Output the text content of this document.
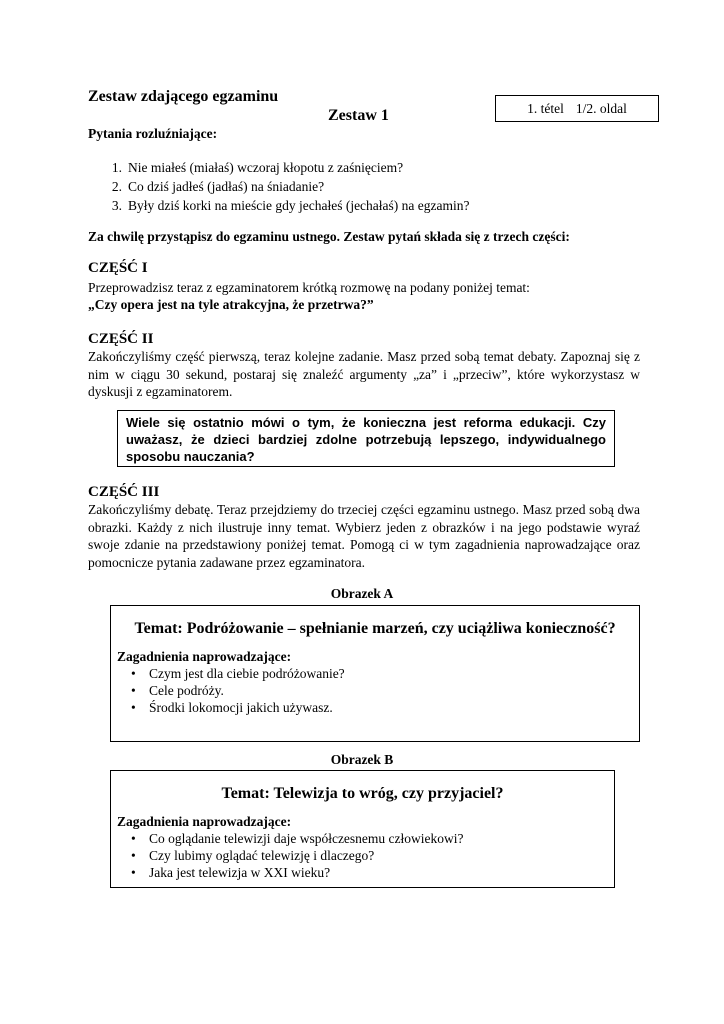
Zestaw zdającego egzaminu
Zestaw 1	1. tétel 1/2. oldal
Pytania rozluźniające:
1. Nie miałeś (miałaś) wczoraj kłopotu z zaśnięciem?
2. Co dziś jadłeś (jadłaś) na śniadanie?
3. Były dziś korki na mieście gdy jechałeś (jechałaś) na egzamin?
Za chwilę przystąpisz do egzaminu ustnego. Zestaw pytań składa się z trzech części:
CZĘŚĆ I
Przeprowadzisz teraz z egzaminatorem krótką rozmowę na podany poniżej temat:
„Czy opera jest na tyle atrakcyjna, że przetrwa?”
CZĘŚĆ II
Zakończyliśmy część pierwszą, teraz kolejne zadanie. Masz przed sobą temat debaty. Zapoznaj się z nim w ciągu 30 sekund, postaraj się znaleźć argumenty „za” i „przeciw”, które wykorzystasz w dyskusji z egzaminatorem.
Wiele się ostatnio mówi o tym, że konieczna jest reforma edukacji. Czy uważasz, że dzieci bardziej zdolne potrzebują lepszego, indywidualnego sposobu nauczania?
CZĘŚĆ III
Zakończyliśmy debatę. Teraz przejdziemy do trzeciej części egzaminu ustnego. Masz przed sobą dwa obrazki. Każdy z nich ilustruje inny temat. Wybierz jeden z obrazków i na jego podstawie wyraź swoje zdanie na przedstawiony poniżej temat. Pomogą ci w tym zagadnienia naprowadzające oraz pomocnicze pytania zadawane przez egzaminatora.
Obrazek A
Temat: Podróżowanie – spełnianie marzeń, czy uciążliwa konieczność?
Zagadnienia naprowadzające:
• Czym jest dla ciebie podróżowanie?
• Cele podróży.
• Środki lokomocji jakich używasz.
Obrazek B
Temat: Telewizja to wróg, czy przyjaciel?
Zagadnienia naprowadzające:
• Co oglądanie telewizji daje współczesnemu człowiekowi?
• Czy lubimy oglądać telewizję i dlaczego?
• Jaka jest telewizja w XXI wieku?
